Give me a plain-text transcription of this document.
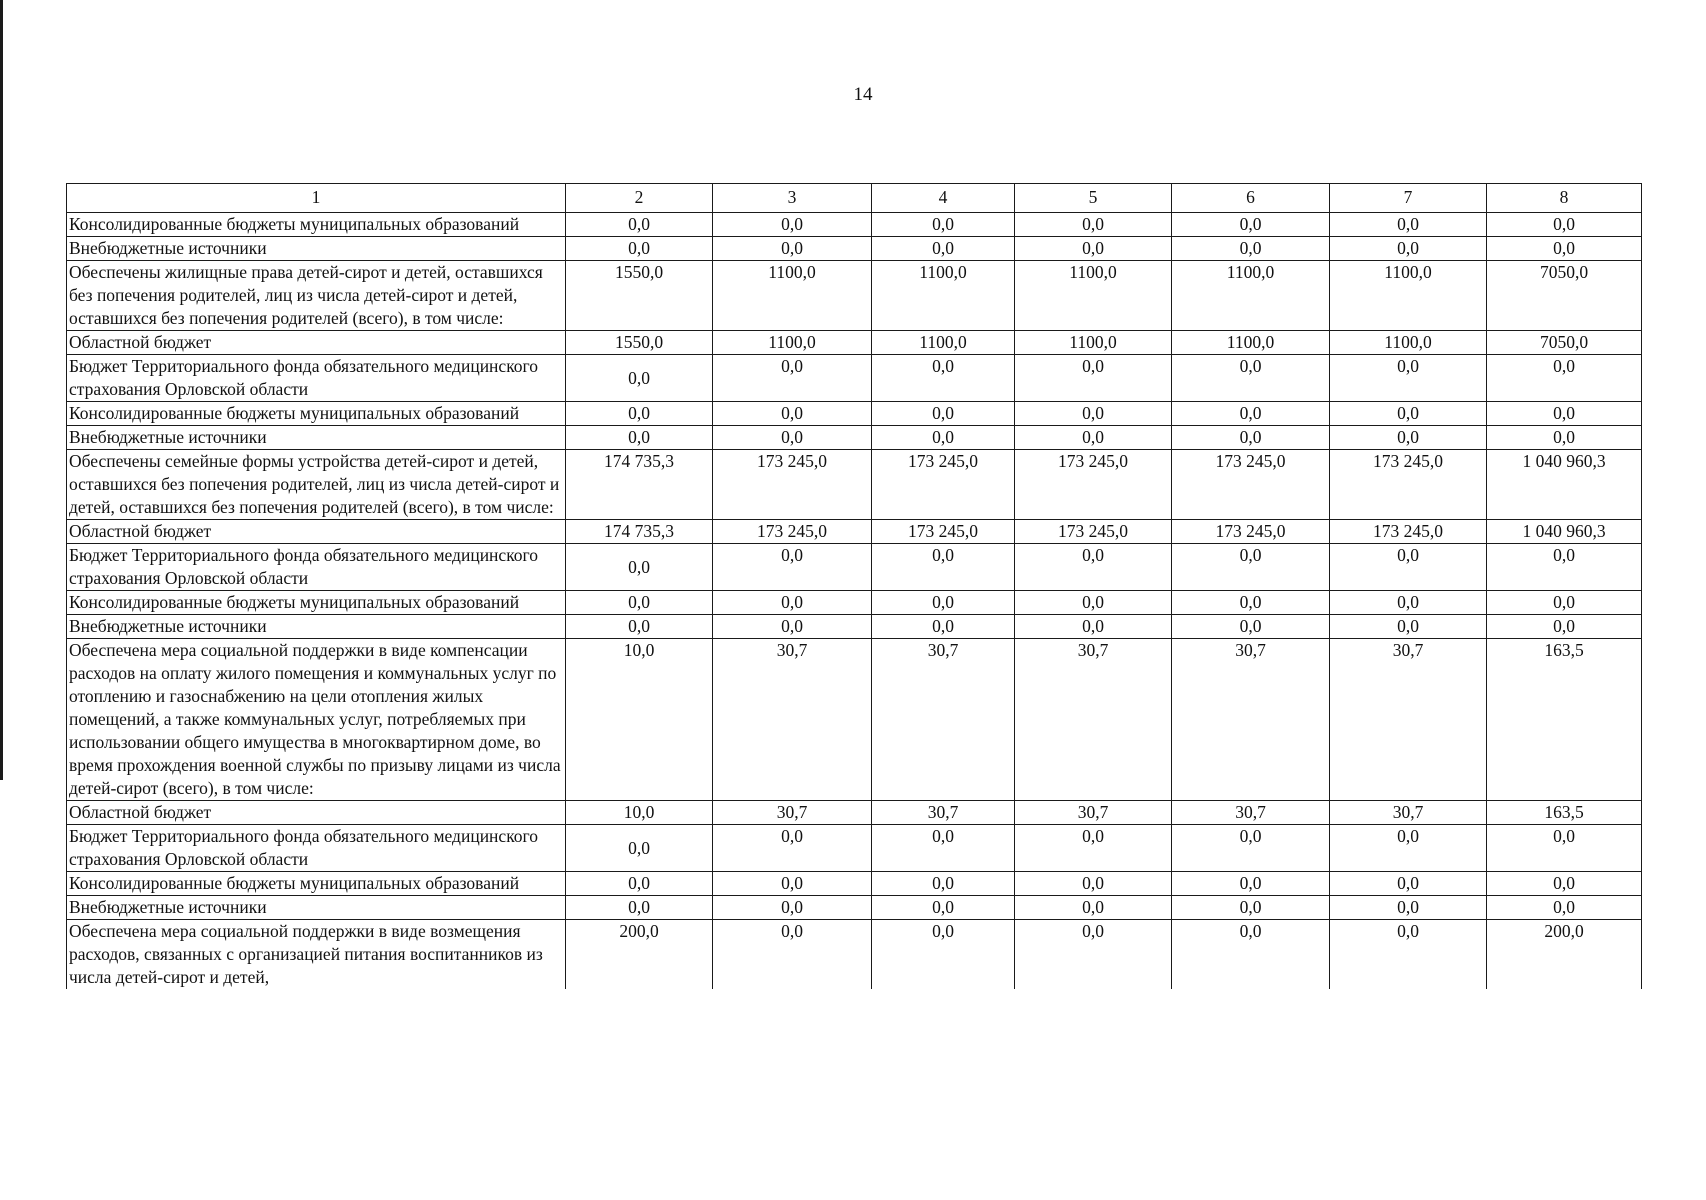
14
1	2	3	4	5	6	7	8
Консолидированные бюджеты муниципальных образований	0,0	0,0	0,0	0,0	0,0	0,0	0,0
Внебюджетные источники	0,0	0,0	0,0	0,0	0,0	0,0	0,0
Обеспечены жилищные права детей-сирот и детей, оставшихся без попечения родителей, лиц из числа детей-сирот и детей, оставшихся без попечения родителей (всего), в том числе:	1550,0	1100,0	1100,0	1100,0	1100,0	1100,0	7050,0
Областной бюджет	1550,0	1100,0	1100,0	1100,0	1100,0	1100,0	7050,0
Бюджет Территориального фонда обязательного медицинского страхования Орловской области	0,0	0,0	0,0	0,0	0,0	0,0	0,0
Консолидированные бюджеты муниципальных образований	0,0	0,0	0,0	0,0	0,0	0,0	0,0
Внебюджетные источники	0,0	0,0	0,0	0,0	0,0	0,0	0,0
Обеспечены семейные формы устройства детей-сирот и детей, оставшихся без попечения родителей, лиц из числа детей-сирот и детей, оставшихся без попечения родителей (всего), в том числе:	174 735,3	173 245,0	173 245,0	173 245,0	173 245,0	173 245,0	1 040 960,3
Областной бюджет	174 735,3	173 245,0	173 245,0	173 245,0	173 245,0	173 245,0	1 040 960,3
Бюджет Территориального фонда обязательного медицинского страхования Орловской области	0,0	0,0	0,0	0,0	0,0	0,0	0,0
Консолидированные бюджеты муниципальных образований	0,0	0,0	0,0	0,0	0,0	0,0	0,0
Внебюджетные источники	0,0	0,0	0,0	0,0	0,0	0,0	0,0
Обеспечена мера социальной поддержки в виде компенсации расходов на оплату жилого помещения и коммунальных услуг по отоплению и газоснабжению на цели отопления жилых помещений, а также коммунальных услуг, потребляемых при использовании общего имущества в многоквартирном доме, во время прохождения военной службы по призыву лицами из числа детей-сирот (всего), в том числе:	10,0	30,7	30,7	30,7	30,7	30,7	163,5
Областной бюджет	10,0	30,7	30,7	30,7	30,7	30,7	163,5
Бюджет Территориального фонда обязательного медицинского страхования Орловской области	0,0	0,0	0,0	0,0	0,0	0,0	0,0
Консолидированные бюджеты муниципальных образований	0,0	0,0	0,0	0,0	0,0	0,0	0,0
Внебюджетные источники	0,0	0,0	0,0	0,0	0,0	0,0	0,0
Обеспечена мера социальной поддержки в виде возмещения расходов, связанных с организацией питания воспитанников из числа детей-сирот и детей,	200,0	0,0	0,0	0,0	0,0	0,0	200,0
